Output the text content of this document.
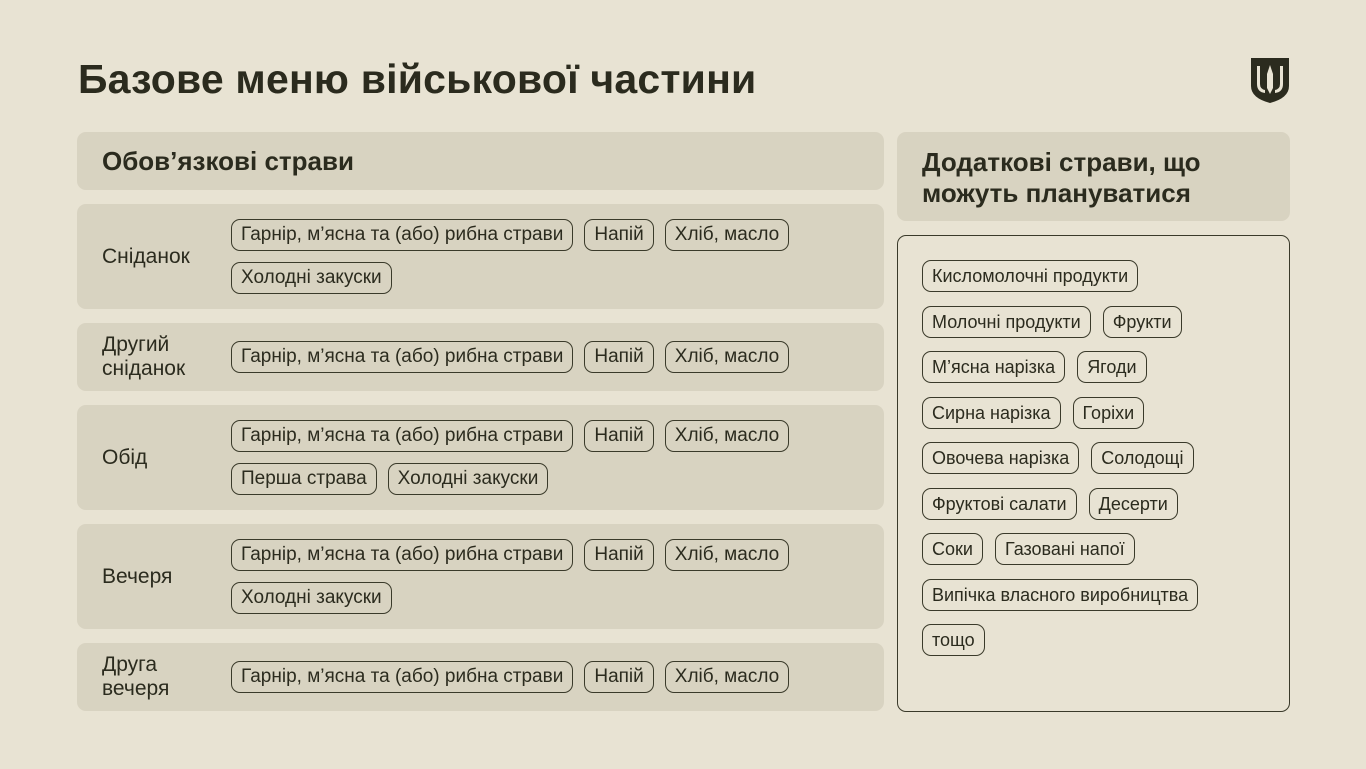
Базове меню військової частини
Обов’язкові страви
Сніданок
Гарнір, м’ясна та (або) рибна страви	Напій	Хліб, масло
Холодні закуски
Другий сніданок
Гарнір, м’ясна та (або) рибна страви	Напій	Хліб, масло
Обід
Гарнір, м’ясна та (або) рибна страви	Напій	Хліб, масло
Перша страва	Холодні закуски
Вечеря
Гарнір, м’ясна та (або) рибна страви	Напій	Хліб, масло
Холодні закуски
Друга вечеря
Гарнір, м’ясна та (або) рибна страви	Напій	Хліб, масло
Додаткові страви, що можуть плануватися
Кисломолочні продукти
Молочні продукти	Фрукти
М’ясна нарізка	Ягоди
Сирна нарізка	Горіхи
Овочева нарізка	Солодощі
Фруктові салати	Десерти
Соки	Газовані напої
Випічка власного виробництва
тощо
